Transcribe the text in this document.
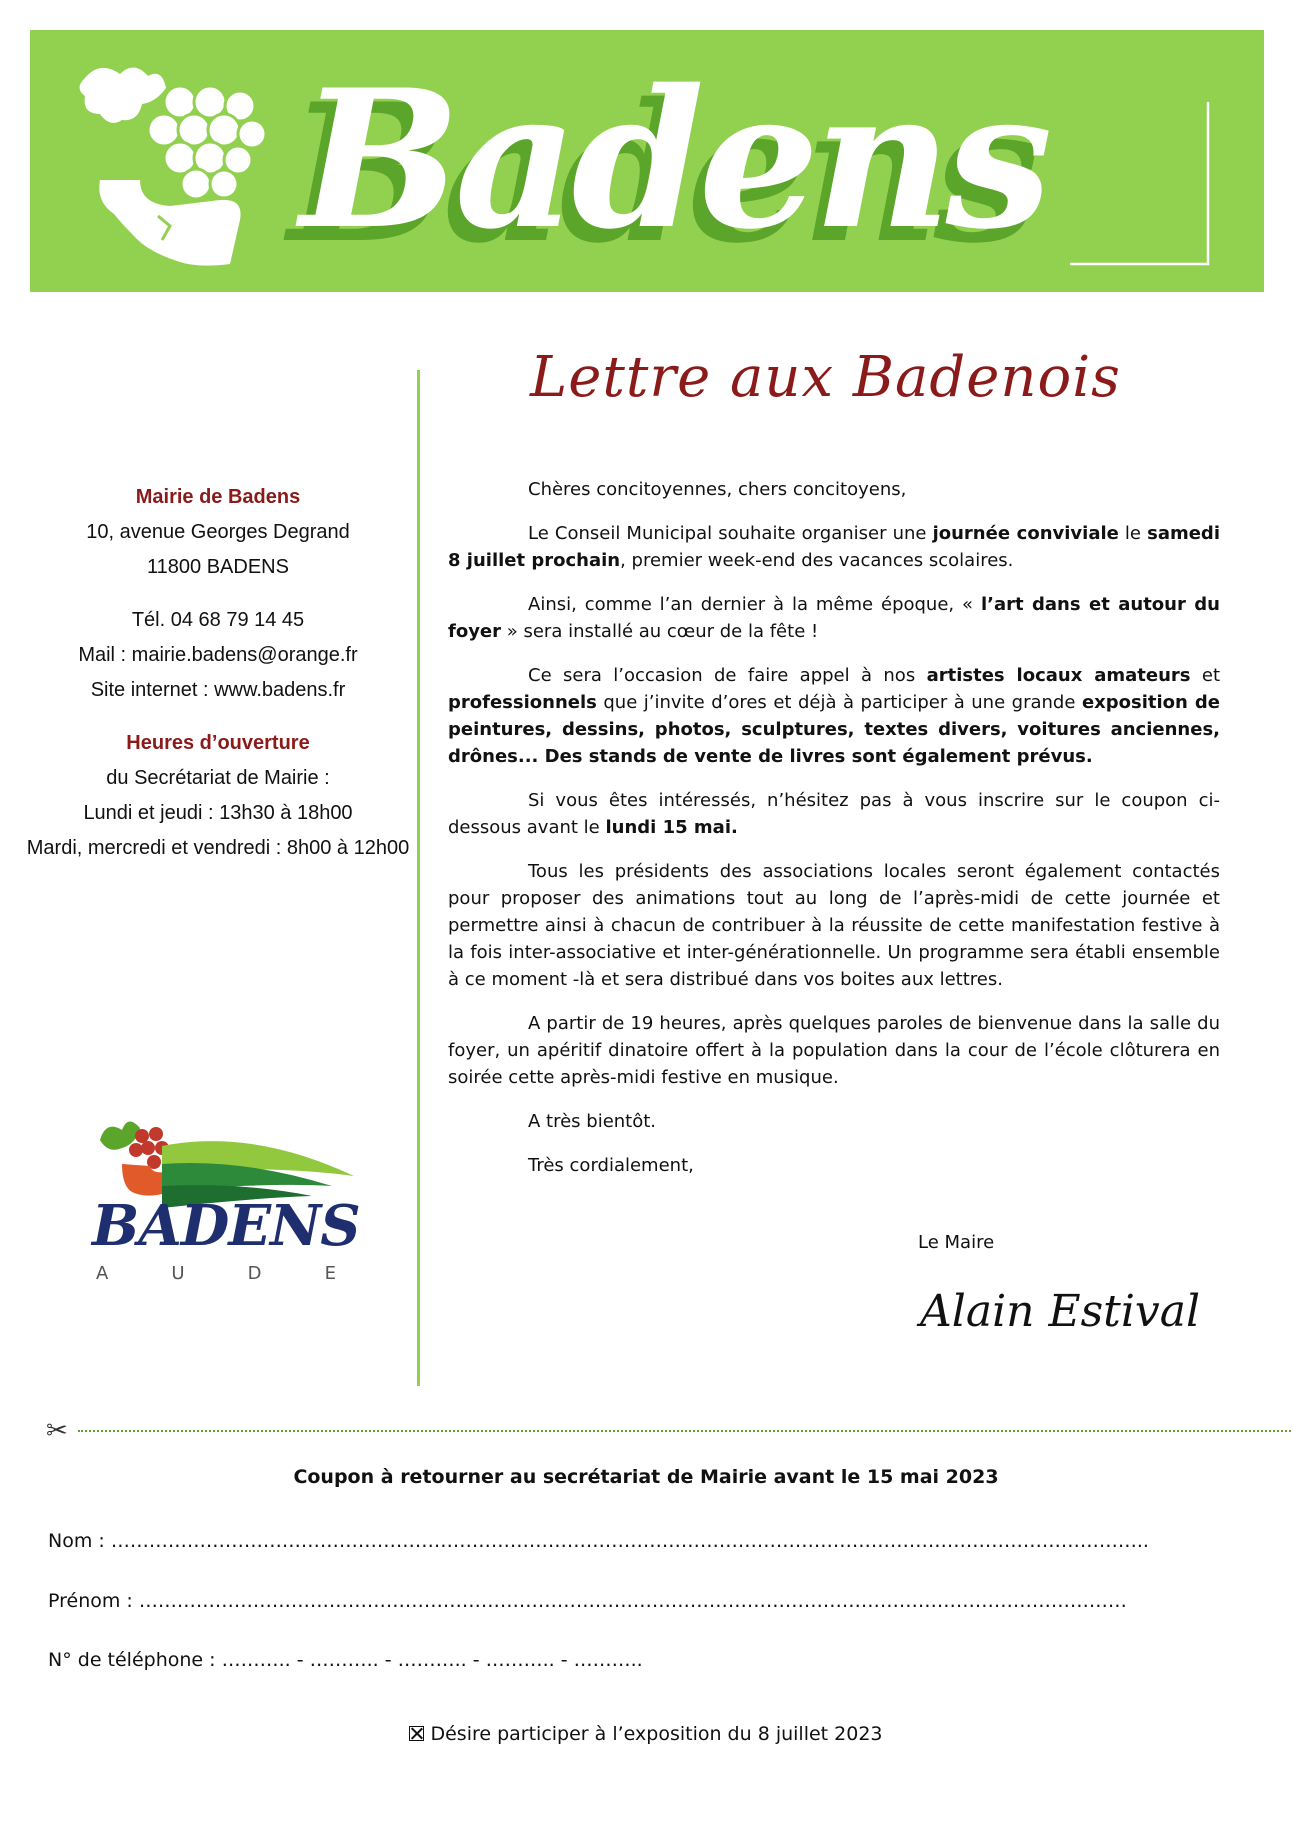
Badens
Lettre aux Badenois
Mairie de Badens
10, avenue Georges Degrand
11800 BADENS
Tél. 04 68 79 14 45
Mail : mairie.badens@orange.fr
Site internet : www.badens.fr
Heures d’ouverture
du Secrétariat de Mairie :
Lundi et jeudi : 13h30 à 18h00
Mardi, mercredi et vendredi : 8h00 à 12h00

Chères concitoyennes, chers concitoyens,

Le Conseil Municipal souhaite organiser une journée conviviale le samedi 8 juillet prochain, premier week-end des vacances scolaires.

Ainsi, comme l’an dernier à la même époque, « l’art dans et autour du foyer » sera installé au cœur de la fête !

Ce sera l’occasion de faire appel à nos artistes locaux amateurs et professionnels que j’invite d’ores et déjà à participer à une grande exposition de peintures, dessins, photos, sculptures, textes divers, voitures anciennes, drônes... Des stands de vente de livres sont également prévus.

Si vous êtes intéressés, n’hésitez pas à vous inscrire sur le coupon ci-dessous avant le lundi 15 mai.

Tous les présidents des associations locales seront également contactés pour proposer des animations tout au long de l’après-midi de cette journée et permettre ainsi à chacun de contribuer à la réussite de cette manifestation festive à la fois inter-associative et inter-générationnelle. Un programme sera établi ensemble à ce moment -là et sera distribué dans vos boites aux lettres.

A partir de 19 heures, après quelques paroles de bienvenue dans la salle du foyer, un apéritif dinatoire offert à la population dans la cour de l’école clôturera en soirée cette après-midi festive en musique.

A très bientôt.

Très cordialement,

Le Maire
Alain Estival
BADENS
A	U	D	E
✂
Coupon à retourner au secrétariat de Mairie avant le 15 mai 2023
Nom : ………………………………………………………………………………………………………………………………………………..
Prénom : …………………………………………………………………………………………………………………………………………
N° de téléphone : ……….. - ……….. - ……….. - ……….. - ………..
Désire participer à l’exposition du 8 juillet 2023
